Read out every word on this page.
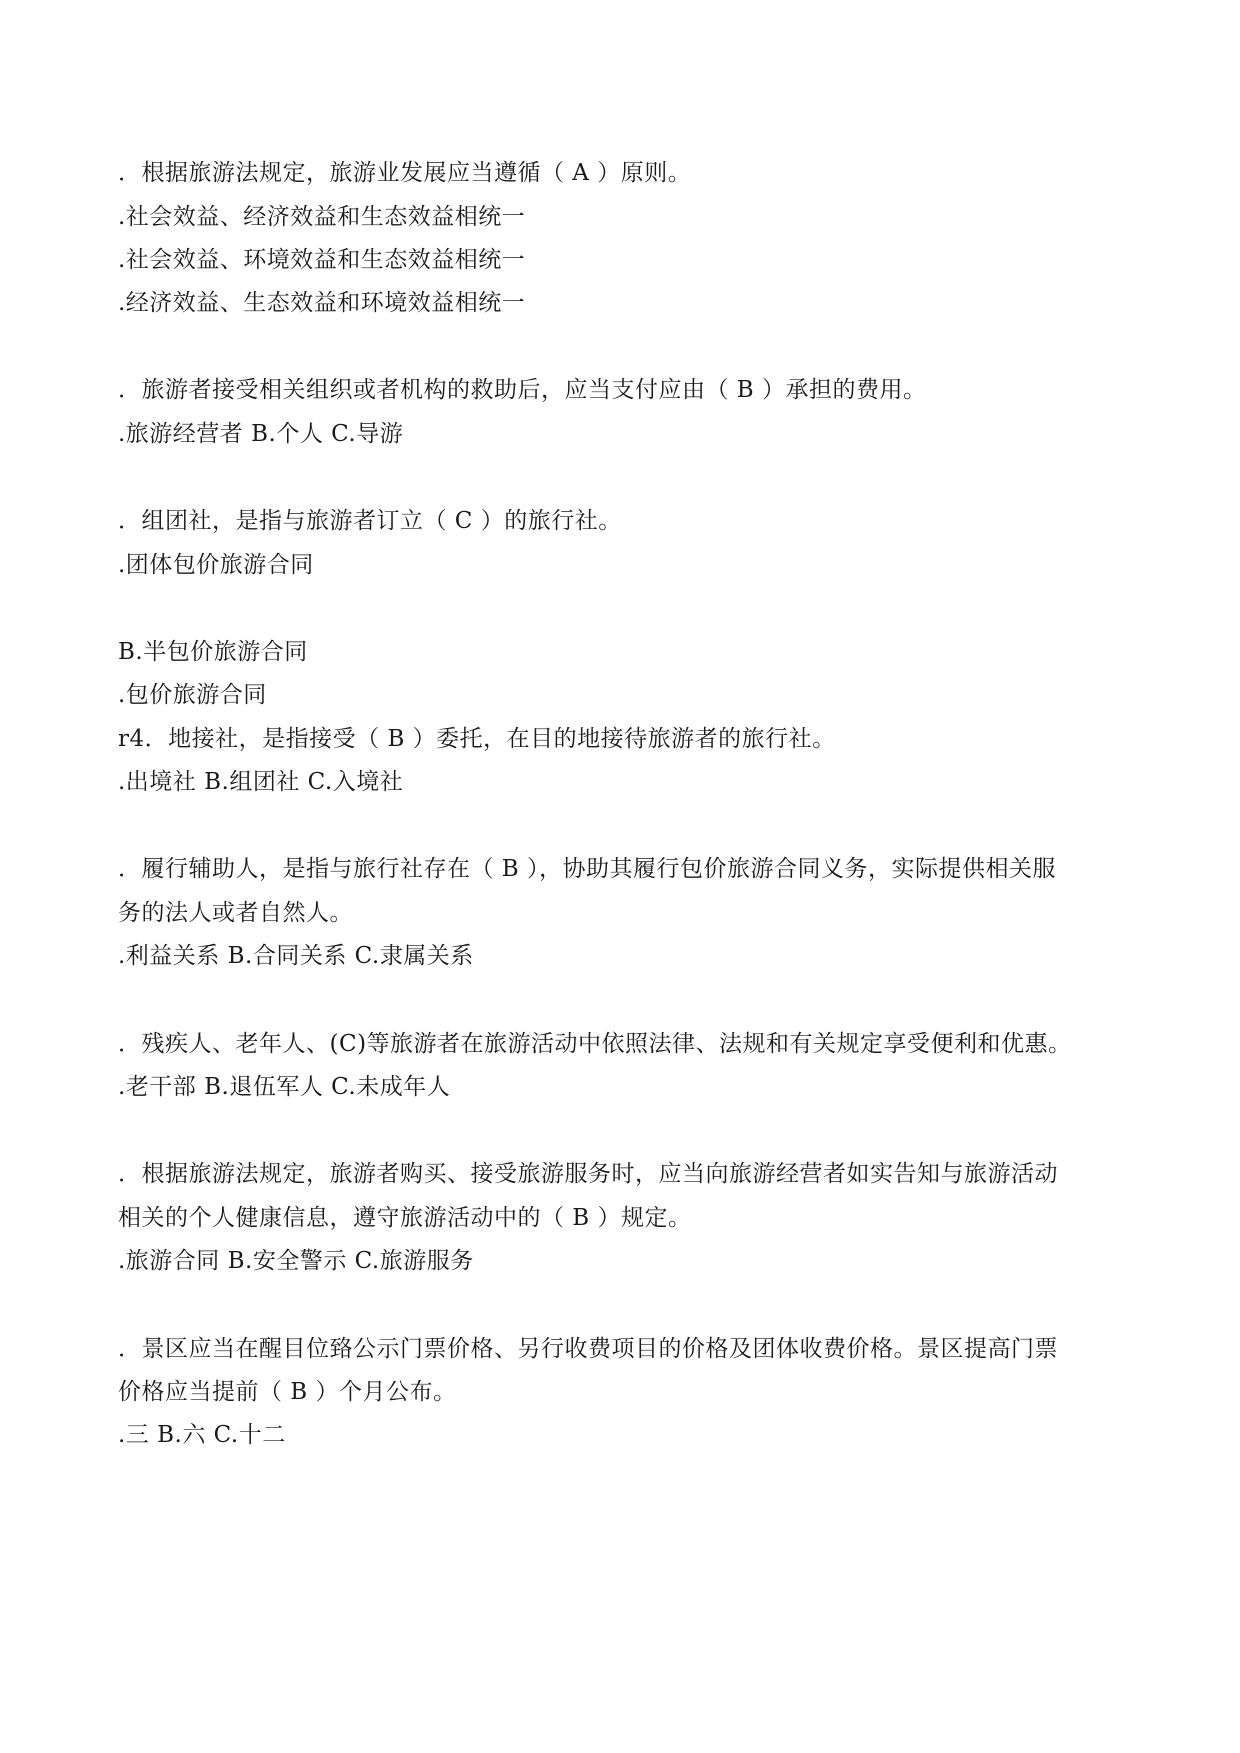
．根据旅游法规定，旅游业发展应当遵循（ A ）原则。
.社会效益、经济效益和生态效益相统一
.社会效益、环境效益和生态效益相统一
.经济效益、生态效益和环境效益相统一
．旅游者接受相关组织或者机构的救助后，应当支付应由（ B ）承担的费用。
.旅游经营者 B.个人 C.导游
．组团社，是指与旅游者订立（ C ）的旅行社。
.团体包价旅游合同
B.半包价旅游合同
.包价旅游合同
r4．地接社，是指接受（ B ）委托，在目的地接待旅游者的旅行社。
.出境社 B.组团社 C.入境社
．履行辅助人，是指与旅行社存在（ B ），协助其履行包价旅游合同义务，实际提供相关服
务的法人或者自然人。
.利益关系 B.合同关系 C.隶属关系
．残疾人、老年人、(C)等旅游者在旅游活动中依照法律、法规和有关规定享受便利和优惠。
.老干部 B.退伍军人 C.未成年人
．根据旅游法规定，旅游者购买、接受旅游服务时，应当向旅游经营者如实告知与旅游活动
相关的个人健康信息，遵守旅游活动中的（ B ）规定。
.旅游合同 B.安全警示 C.旅游服务
．景区应当在醒目位臵公示门票价格、另行收费项目的价格及团体收费价格。景区提高门票
价格应当提前（ B ）个月公布。
.三 B.六 C.十二
